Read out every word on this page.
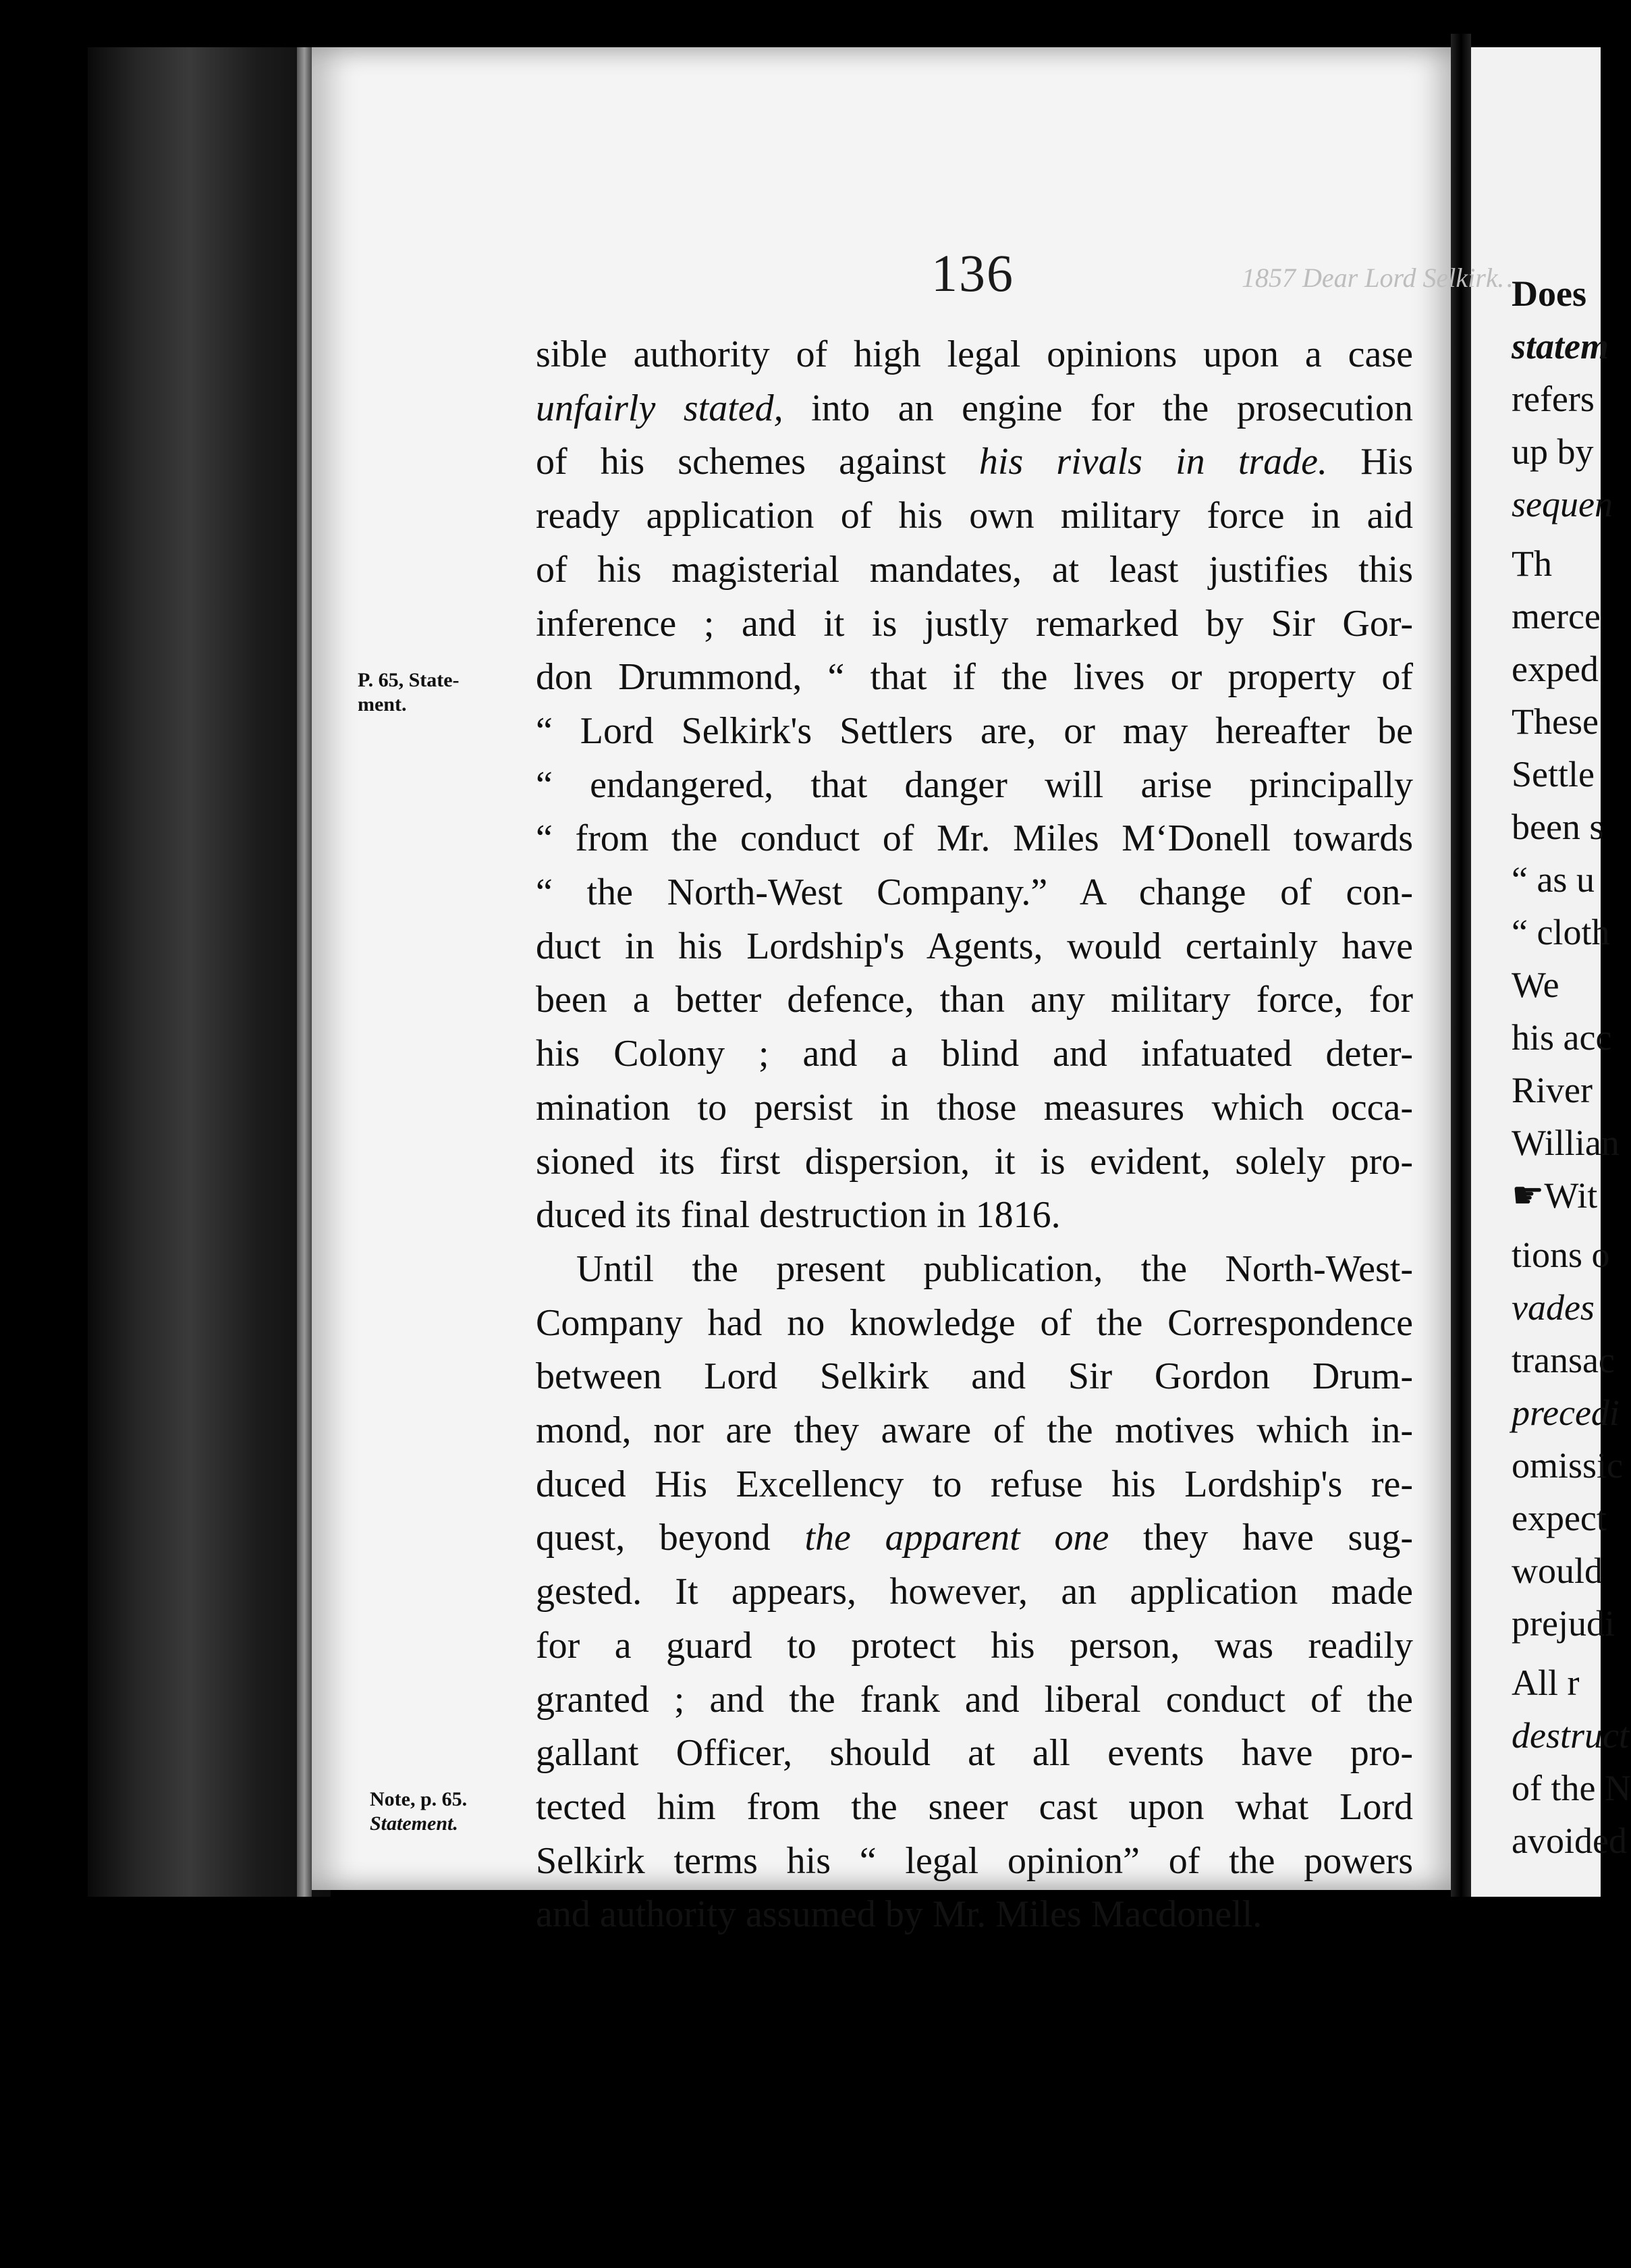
1857 Dear Lord Selkirk…
136
P. 65, State-
ment.
Note, p. 65.
Statement.
sible authority of high legal opinions upon a case
unfairly stated, into an engine for the prosecution
of his schemes against his rivals in trade. His
ready application of his own military force in aid
of his magisterial mandates, at least justifies this
inference ; and it is justly remarked by Sir Gor-
don Drummond, “ that if the lives or property of
“ Lord Selkirk's Settlers are, or may hereafter be
“ endangered, that danger will arise principally
“ from the conduct of Mr. Miles M‘Donell towards
“ the North-West Company.” A change of con-
duct in his Lordship's Agents, would certainly have
been a better defence, than any military force, for
his Colony ; and a blind and infatuated deter-
mination to persist in those measures which occa-
sioned its first dispersion, it is evident, solely pro-
duced its final destruction in 1816.
Until the present publication, the North-West-
Company had no knowledge of the Correspondence
between Lord Selkirk and Sir Gordon Drum-
mond, nor are they aware of the motives which in-
duced His Excellency to refuse his Lordship's re-
quest, beyond the apparent one they have sug-
gested. It appears, however, an application made
for a guard to protect his person, was readily
granted ; and the frank and liberal conduct of the
gallant Officer, should at all events have pro-
tected him from the sneer cast upon what Lord
Selkirk terms his “ legal opinion” of the powers
and authority assumed by Mr. Miles Macdonell.
Does
statem
refers
up by
sequen
Th
merce
exped
These
Settle
been s
“ as u
“ cloth
We
his acc
River
Willian
☛Wit
tions o
vades
transac
precedi
omissic
expect
would
prejudi
All r
destruct
of the N
avoided
